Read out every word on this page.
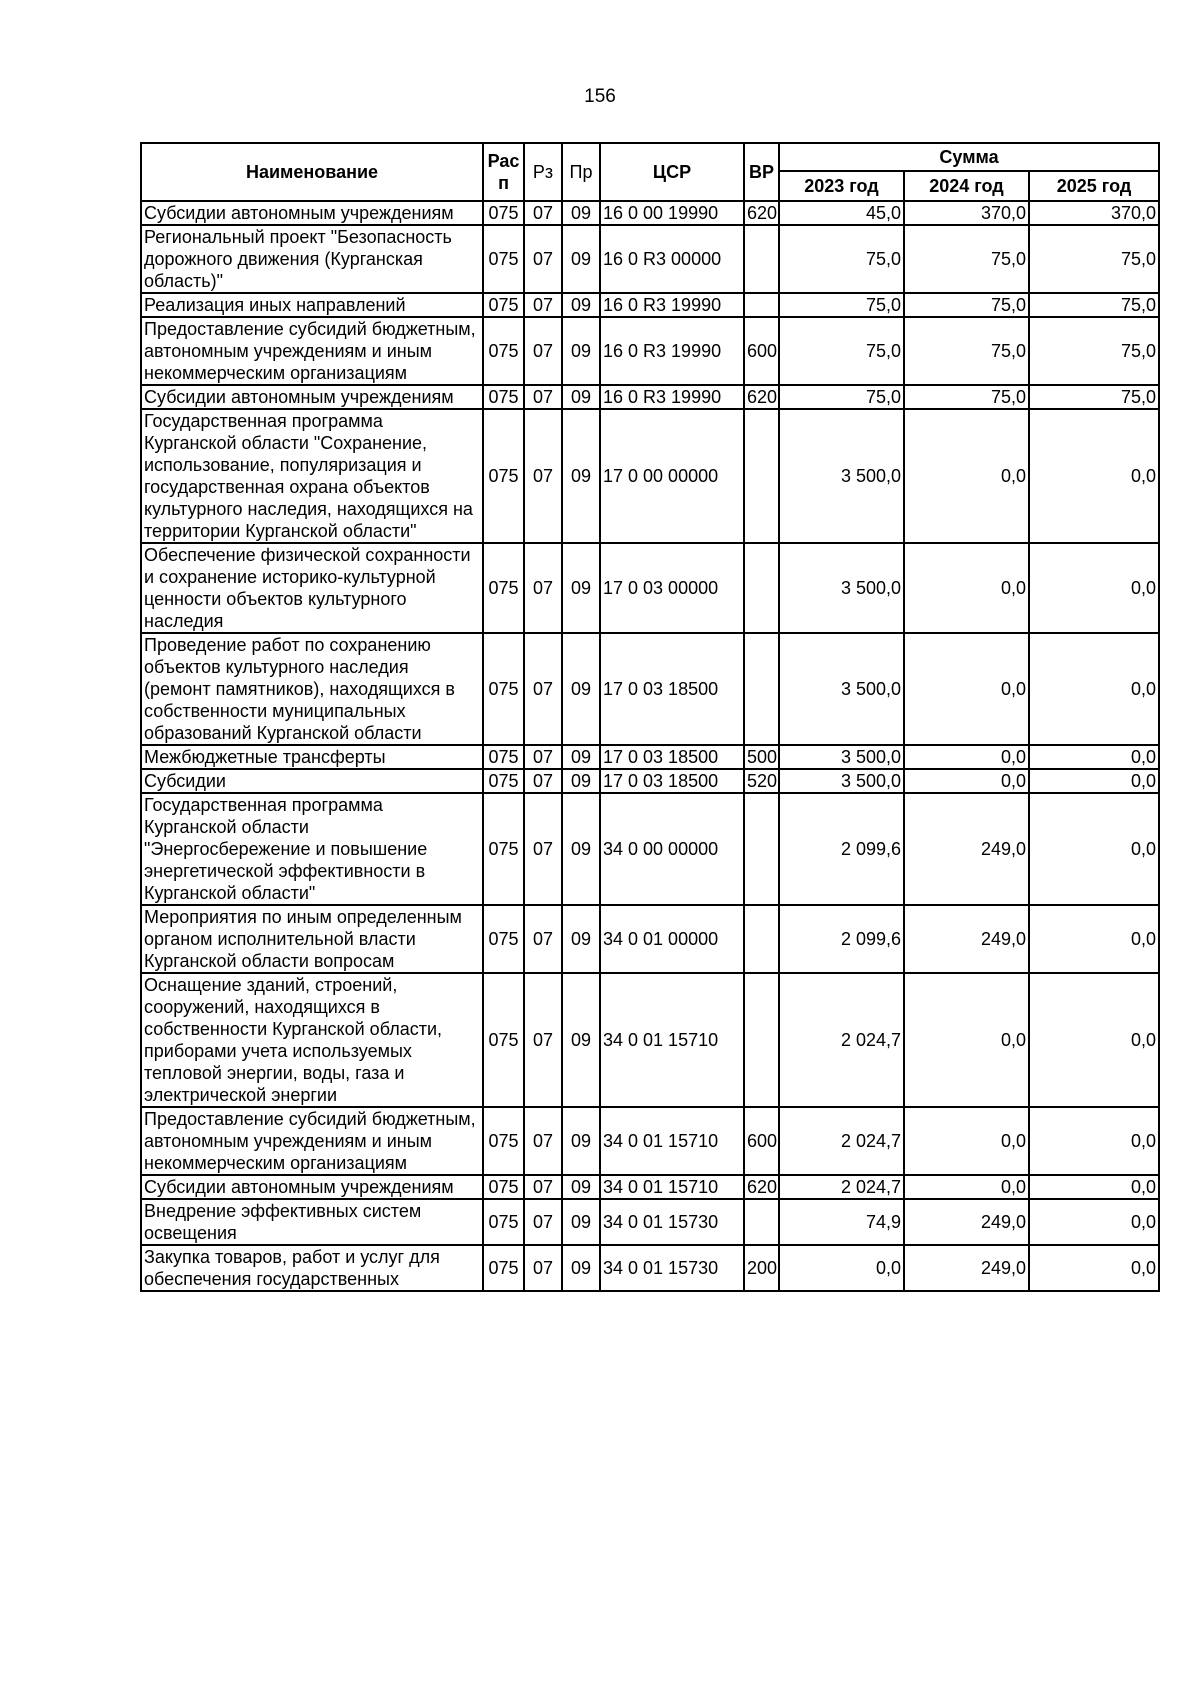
156
Наименование	Рас п	Рз	Пр	ЦСР	ВР	Сумма		
						2023 год	2024 год	2025 год
Субсидии автономным учреждениям	075	07	09	16 0 00 19990	620	45,0	370,0	370,0
Региональный проект "Безопасность дорожного движения (Курганская область)"	075	07	09	16 0 R3 00000		75,0	75,0	75,0
Реализация иных направлений	075	07	09	16 0 R3 19990		75,0	75,0	75,0
Предоставление субсидий бюджетным, автономным учреждениям и иным некоммерческим организациям	075	07	09	16 0 R3 19990	600	75,0	75,0	75,0
Субсидии автономным учреждениям	075	07	09	16 0 R3 19990	620	75,0	75,0	75,0
Государственная программа Курганской области "Сохранение, использование, популяризация и государственная охрана объектов культурного наследия, находящихся на территории Курганской области"	075	07	09	17 0 00 00000		3 500,0	0,0	0,0
Обеспечение физической сохранности и сохранение историко-культурной ценности объектов культурного наследия	075	07	09	17 0 03 00000		3 500,0	0,0	0,0
Проведение работ по сохранению объектов культурного наследия (ремонт памятников), находящихся в собственности муниципальных образований Курганской области	075	07	09	17 0 03 18500		3 500,0	0,0	0,0
Межбюджетные трансферты	075	07	09	17 0 03 18500	500	3 500,0	0,0	0,0
Субсидии	075	07	09	17 0 03 18500	520	3 500,0	0,0	0,0
Государственная программа Курганской области "Энергосбережение и повышение энергетической эффективности в Курганской области"	075	07	09	34 0 00 00000		2 099,6	249,0	0,0
Мероприятия по иным определенным органом исполнительной власти Курганской области вопросам	075	07	09	34 0 01 00000		2 099,6	249,0	0,0
Оснащение зданий, строений, сооружений, находящихся в собственности Курганской области, приборами учета используемых тепловой энергии, воды, газа и электрической энергии	075	07	09	34 0 01 15710		2 024,7	0,0	0,0
Предоставление субсидий бюджетным, автономным учреждениям и иным некоммерческим организациям	075	07	09	34 0 01 15710	600	2 024,7	0,0	0,0
Субсидии автономным учреждениям	075	07	09	34 0 01 15710	620	2 024,7	0,0	0,0
Внедрение эффективных систем освещения	075	07	09	34 0 01 15730		74,9	249,0	0,0
Закупка товаров, работ и услуг для обеспечения государственных	075	07	09	34 0 01 15730	200	0,0	249,0	0,0
